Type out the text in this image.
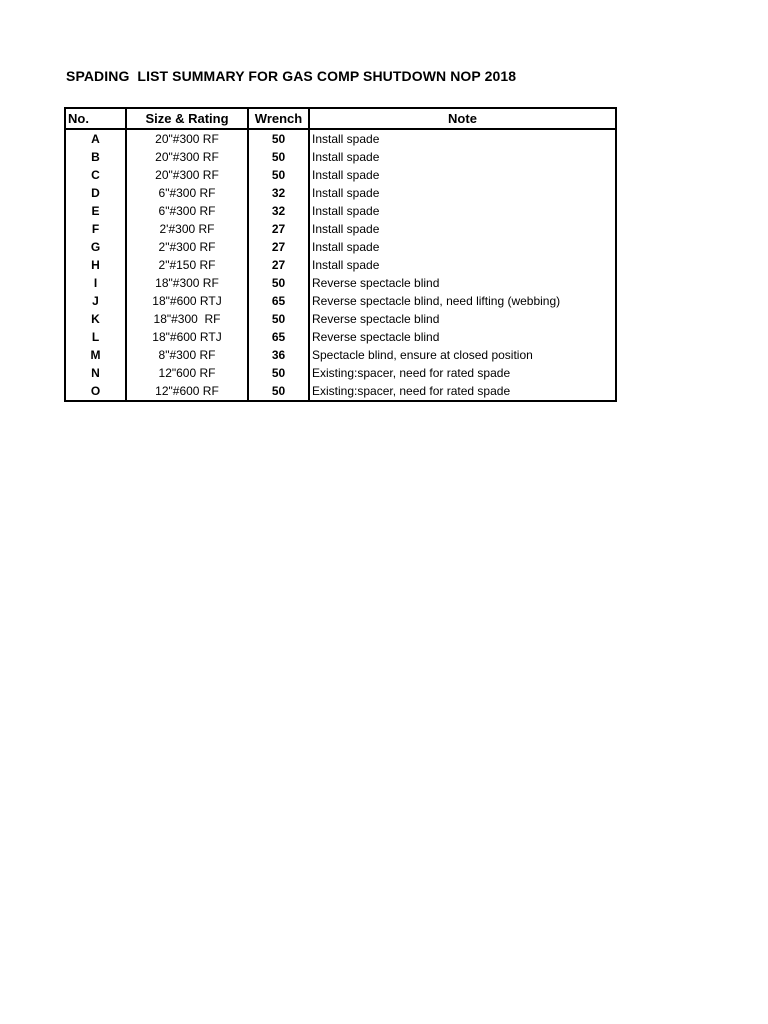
SPADING  LIST SUMMARY FOR GAS COMP SHUTDOWN NOP 2018
No.	Size & Rating	Wrench	Note
A	20"#300 RF	50	Install spade
B	20"#300 RF	50	Install spade
C	20"#300 RF	50	Install spade
D	6"#300 RF	32	Install spade
E	6"#300 RF	32	Install spade
F	2'#300 RF	27	Install spade
G	2"#300 RF	27	Install spade
H	2"#150 RF	27	Install spade
I	18"#300 RF	50	Reverse spectacle blind
J	18"#600 RTJ	65	Reverse spectacle blind, need lifting (webbing)
K	18"#300  RF	50	Reverse spectacle blind
L	18"#600 RTJ	65	Reverse spectacle blind
M	8"#300 RF	36	Spectacle blind, ensure at closed position
N	12"600 RF	50	Existing:spacer, need for rated spade
O	12"#600 RF	50	Existing:spacer, need for rated spade
